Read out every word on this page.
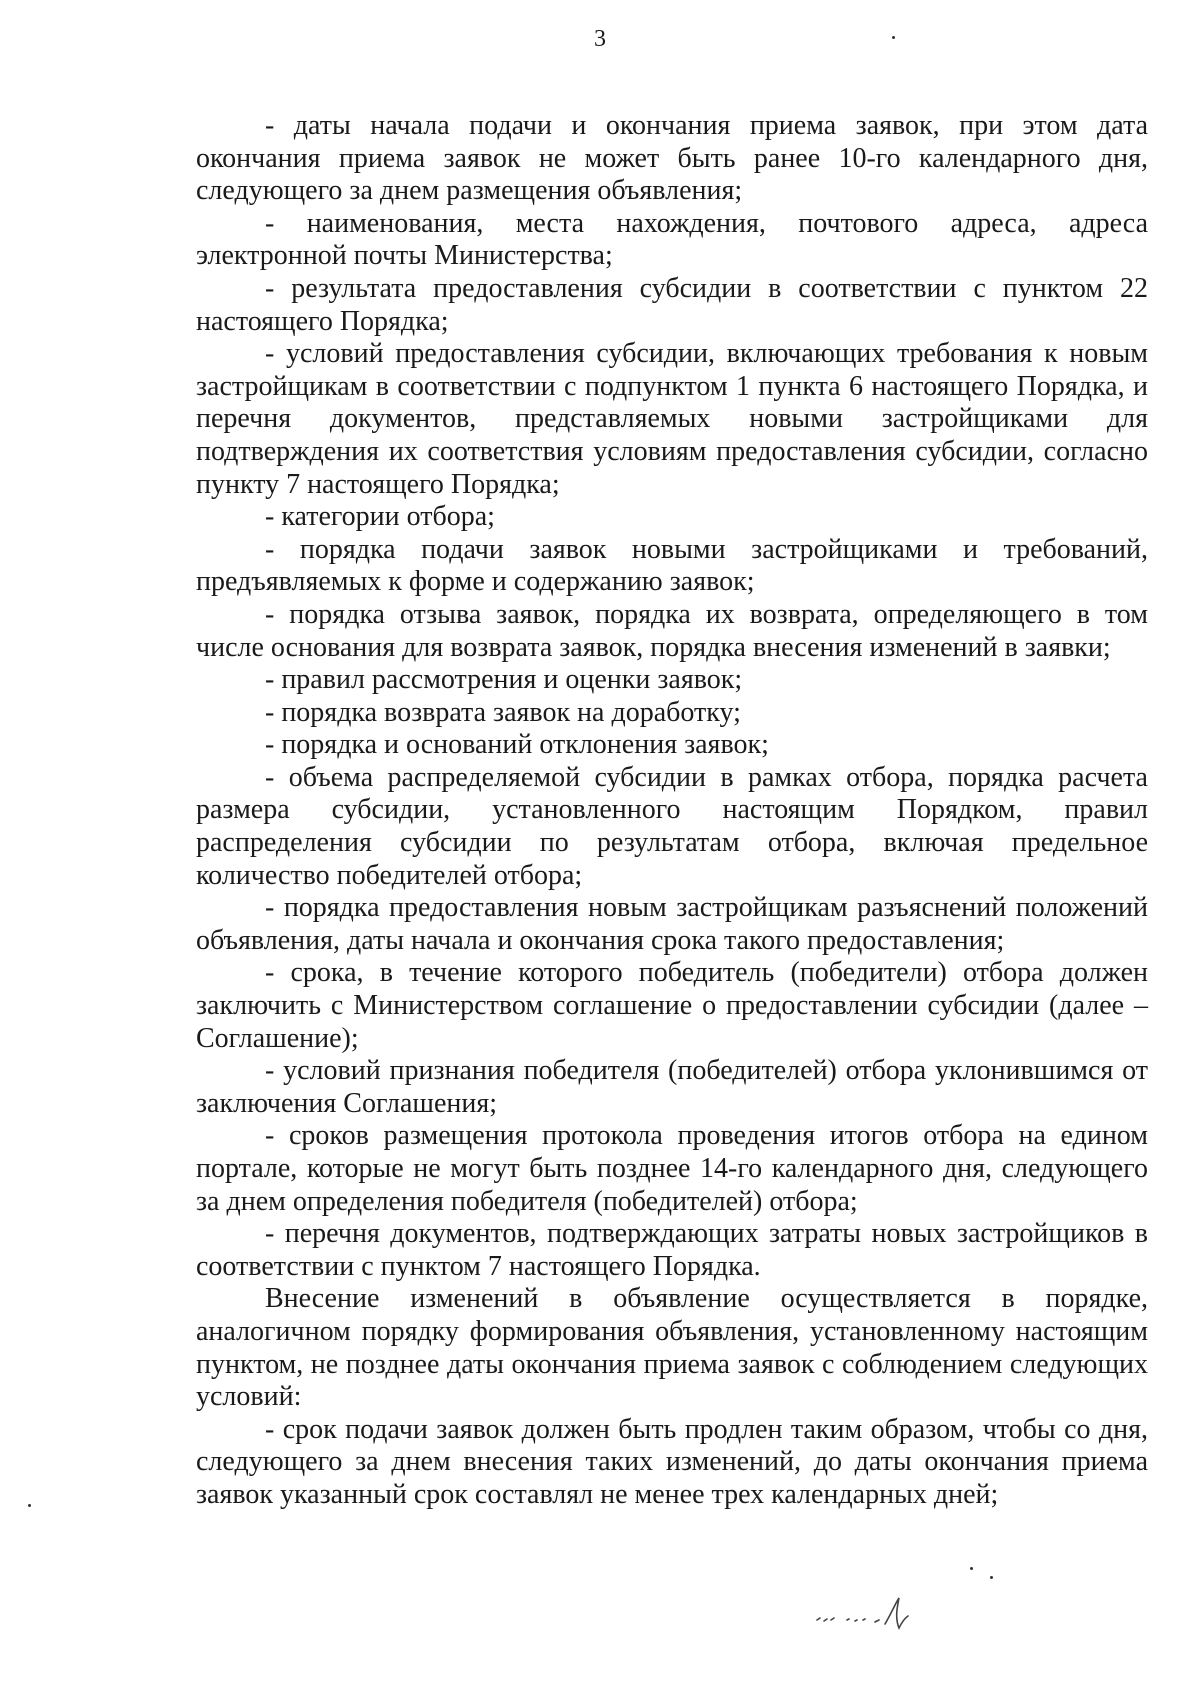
3

- даты начала подачи и окончания приема заявок, при этом дата окончания приема заявок не может быть ранее 10-го календарного дня, следующего за днем размещения объявления;

- наименования, места нахождения, почтового адреса, адреса электронной почты Министерства;

- результата предоставления субсидии в соответствии с пунктом 22 настоящего Порядка;

- условий предоставления субсидии, включающих требования к новым застройщикам в соответствии с подпунктом 1 пункта 6 настоящего Порядка, и перечня документов, представляемых новыми застройщиками для подтверждения их соответствия условиям предоставления субсидии, согласно пункту 7 настоящего Порядка;

- категории отбора;

- порядка подачи заявок новыми застройщиками и требований, предъявляемых к форме и содержанию заявок;

- порядка отзыва заявок, порядка их возврата, определяющего в том числе основания для возврата заявок, порядка внесения изменений в заявки;

- правил рассмотрения и оценки заявок;

- порядка возврата заявок на доработку;

- порядка и оснований отклонения заявок;

- объема распределяемой субсидии в рамках отбора, порядка расчета размера субсидии, установленного настоящим Порядком, правил распределения субсидии по результатам отбора, включая предельное количество победителей отбора;

- порядка предоставления новым застройщикам разъяснений положений объявления, даты начала и окончания срока такого предоставления;

- срока, в течение которого победитель (победители) отбора должен заключить с Министерством соглашение о предоставлении субсидии (далее – Соглашение);

- условий признания победителя (победителей) отбора уклонившимся от заключения Соглашения;

- сроков размещения протокола проведения итогов отбора на едином портале, которые не могут быть позднее 14-го календарного дня, следующего за днем определения победителя (победителей) отбора;

- перечня документов, подтверждающих затраты новых застройщиков в соответствии с пунктом 7 настоящего Порядка.

Внесение изменений в объявление осуществляется в порядке, аналогичном порядку формирования объявления, установленному настоящим пунктом, не позднее даты окончания приема заявок с соблюдением следующих условий:

- срок подачи заявок должен быть продлен таким образом, чтобы со дня, следующего за днем внесения таких изменений, до даты окончания приема заявок указанный срок составлял не менее трех календарных дней;
